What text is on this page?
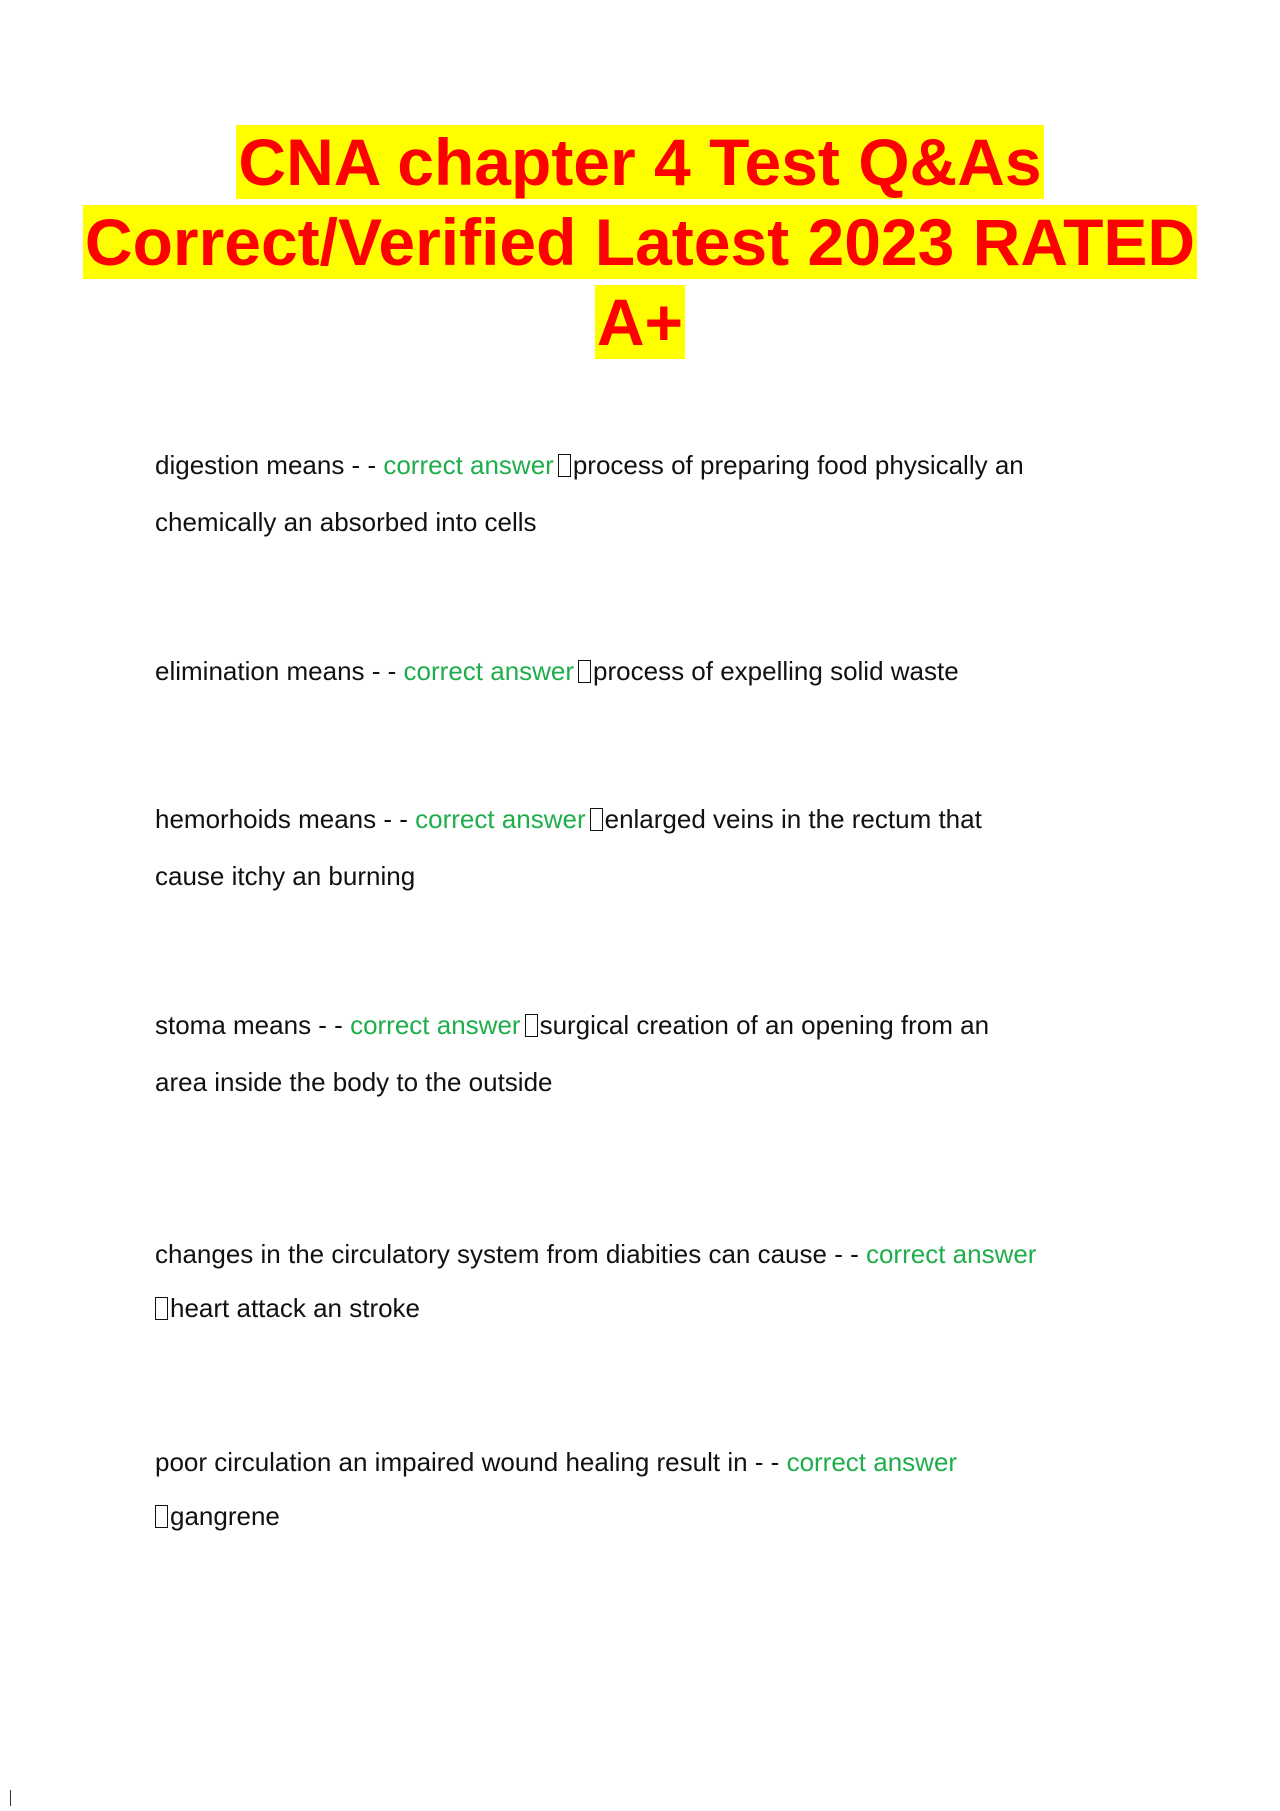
CNA chapter 4 Test Q&As
Correct/Verified Latest 2023 RATED
A+

digestion means - - correct answer process of preparing food physically an
chemically an absorbed into cells

elimination means - - correct answer process of expelling solid waste

hemorhoids means - - correct answer enlarged veins in the rectum that
cause itchy an burning

stoma means - - correct answer surgical creation of an opening from an
area inside the body to the outside

changes in the circulatory system from diabities can cause - - correct answer
heart attack an stroke

poor circulation an impaired wound healing result in - - correct answer
gangrene
